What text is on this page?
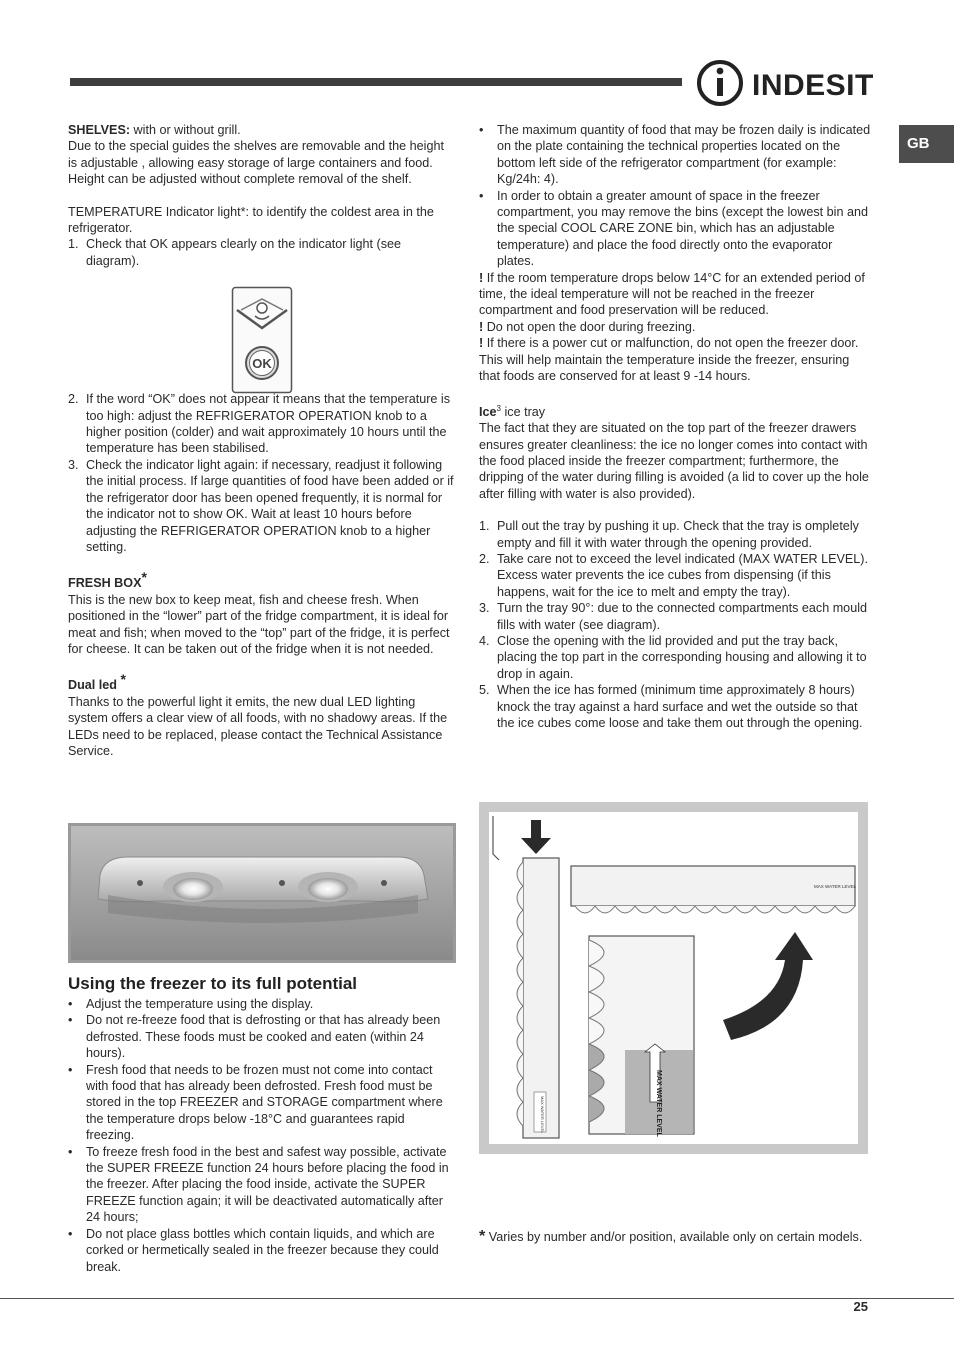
INDESIT
GB

SHELVES: with or without grill.

Due to the special guides the shelves are removable and the height is adjustable , allowing easy storage of large containers and food. Height can be adjusted without complete removal of the shelf.

TEMPERATURE Indicator light*: to identify the coldest area in the refrigerator.

1. Check that OK appears clearly on the indicator light (see diagram).
2. If the word “OK” does not appear it means that the temperature is too high: adjust the REFRIGERATOR OPERATION knob to a higher position (colder) and wait approximately 10 hours until the temperature has been stabilised.
3. Check the indicator light again: if necessary, readjust it following the initial process. If large quantities of food have been added or if the refrigerator door has been opened frequently, it is normal for the indicator not to show OK. Wait at least 10 hours before adjusting the REFRIGERATOR OPERATION knob to a higher setting.

FRESH BOX*

This is the new box to keep meat, fish and cheese fresh. When positioned in the “lower” part of the fridge compartment, it is ideal for meat and fish; when moved to the “top” part of the fridge, it is perfect for cheese. It can be taken out of the fridge when it is not needed.

Dual led *

Thanks to the powerful light it emits, the new dual LED lighting system offers a clear view of all foods, with no shadowy areas. If the LEDs need to be replaced, please contact the Technical Assistance Service.

OK

Using the freezer to its full potential

•	Adjust the temperature using the display.
•	Do not re-freeze food that is defrosting or that has already been defrosted. These foods must be cooked and eaten (within 24 hours).
•	Fresh food that needs to be frozen must not come into contact with food that has already been defrosted. Fresh food must be stored in the top FREEZER and STORAGE compartment where the temperature drops below -18°C and guarantees rapid freezing.
•	To freeze fresh food in the best and safest way possible, activate the SUPER FREEZE function 24 hours before placing the food in the freezer. After placing the food inside, activate the SUPER FREEZE function again; it will be deactivated automatically after 24 hours;
•	Do not place glass bottles which contain liquids, and which are corked or hermetically sealed in the freezer because they could break.
•	The maximum quantity of food that may be frozen daily is indicated on the plate containing the technical properties located on the bottom left side of the refrigerator compartment (for example: Kg/24h: 4).
•	In order to obtain a greater amount of space in the freezer compartment, you may remove the bins (except the lowest bin and the special COOL CARE ZONE bin, which has an adjustable temperature) and place the food directly onto the evaporator plates.

! If the room temperature drops below 14°C for an extended period of time, the ideal temperature will not be reached in the freezer compartment and food preservation will be reduced.

! Do not open the door during freezing.

! If there is a power cut or malfunction, do not open the freezer door. This will help maintain the temperature inside the freezer, ensuring that foods are conserved for at least 9 -14 hours.

Ice$^3$ ice tray

The fact that they are situated on the top part of the freezer drawers ensures greater cleanliness: the ice no longer comes into contact with the food placed inside the freezer compartment; furthermore, the dripping of the water during filling is avoided (a lid to cover up the hole after filling with water is also provided).

1. Pull out the tray by pushing it up. Check that the tray is ompletely empty and fill it with water through the opening provided.
2. Take care not to exceed the level indicated (MAX WATER LEVEL). Excess water prevents the ice cubes from dispensing (if this happens, wait for the ice to melt and empty the tray).
3. Turn the tray 90°: due to the connected compartments each mould fills with water (see diagram).
4. Close the opening with the lid provided and put the tray back, placing the top part in the corresponding housing and allowing it to drop in again.
5. When the ice has formed (minimum time approximately 8 hours) knock the tray against a hard surface and wet the outside so that the ice cubes come loose and take them out through the opening.
MAX WATER LEVEL
MAX WATER LEVEL
MAX WATER LEVEL

* Varies by number and/or position, available only on certain models.

25
